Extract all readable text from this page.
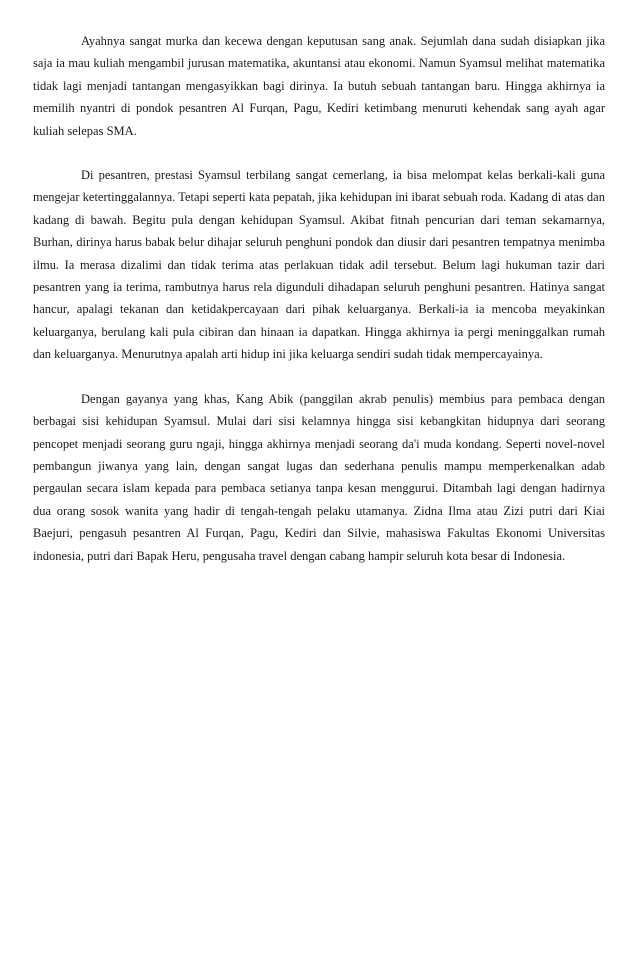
Ayahnya sangat murka dan kecewa dengan keputusan sang anak. Sejumlah dana sudah disiapkan jika saja ia mau kuliah mengambil jurusan matematika, akuntansi atau ekonomi. Namun Syamsul melihat matematika tidak lagi menjadi tantangan mengasyikkan bagi dirinya. Ia butuh sebuah tantangan baru. Hingga akhirnya ia memilih nyantri di pondok pesantren Al Furqan, Pagu, Kediri ketimbang menuruti kehendak sang ayah agar kuliah selepas SMA.

Di pesantren, prestasi Syamsul terbilang sangat cemerlang, ia bisa melompat kelas berkali-kali guna mengejar ketertinggalannya. Tetapi seperti kata pepatah, jika kehidupan ini ibarat sebuah roda. Kadang di atas dan kadang di bawah. Begitu pula dengan kehidupan Syamsul. Akibat fitnah pencurian dari teman sekamarnya, Burhan, dirinya harus babak belur dihajar seluruh penghuni pondok dan diusir dari pesantren tempatnya menimba ilmu. Ia merasa dizalimi dan tidak terima atas perlakuan tidak adil tersebut. Belum lagi hukuman tazir dari pesantren yang ia terima, rambutnya harus rela digunduli dihadapan seluruh penghuni pesantren. Hatinya sangat hancur, apalagi tekanan dan ketidakpercayaan dari pihak keluarganya. Berkali-ia ia mencoba meyakinkan keluarganya, berulang kali pula cibiran dan hinaan ia dapatkan. Hingga akhirnya ia pergi meninggalkan rumah dan keluarganya. Menurutnya apalah arti hidup ini jika keluarga sendiri sudah tidak mempercayainya.

Dengan gayanya yang khas, Kang Abik (panggilan akrab penulis) membius para pembaca dengan berbagai sisi kehidupan Syamsul. Mulai dari sisi kelamnya hingga sisi kebangkitan hidupnya dari seorang pencopet menjadi seorang guru ngaji, hingga akhirnya menjadi seorang da'i muda kondang. Seperti novel-novel pembangun jiwanya yang lain, dengan sangat lugas dan sederhana penulis mampu memperkenalkan adab pergaulan secara islam kepada para pembaca setianya tanpa kesan menggurui. Ditambah lagi dengan hadirnya dua orang sosok wanita yang hadir di tengah-tengah pelaku utamanya. Zidna Ilma atau Zizi putri dari Kiai Baejuri, pengasuh pesantren Al Furqan, Pagu, Kediri dan Silvie, mahasiswa Fakultas Ekonomi Universitas indonesia, putri dari Bapak Heru, pengusaha travel dengan cabang hampir seluruh kota besar di Indonesia.
